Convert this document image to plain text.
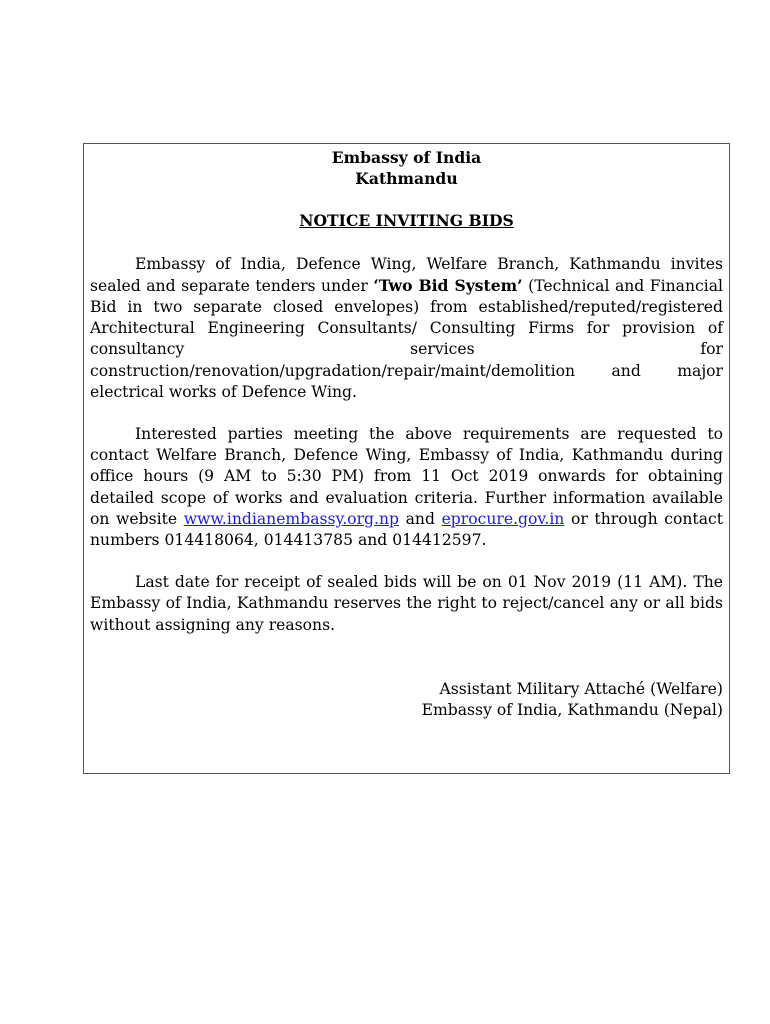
Embassy of India
Kathmandu
NOTICE INVITING BIDS

Embassy of India, Defence Wing, Welfare Branch, Kathmandu invites sealed and separate tenders under ‘Two Bid System’ (Technical and Financial Bid in two separate closed envelopes) from established/reputed/registered Architectural Engineering Consultants/ Consulting Firms for provision of consultancy services for construction/renovation/upgradation/repair/maint/demolition and major electrical works of Defence Wing.

Interested parties meeting the above requirements are requested to contact Welfare Branch, Defence Wing, Embassy of India, Kathmandu during office hours (9 AM to 5:30 PM) from 11 Oct 2019 onwards for obtaining detailed scope of works and evaluation criteria. Further information available on website www.indianembassy.org.np and eprocure.gov.in or through contact numbers 014418064, 014413785 and 014412597.

Last date for receipt of sealed bids will be on 01 Nov 2019 (11 AM). The Embassy of India, Kathmandu reserves the right to reject/cancel any or all bids without assigning any reasons.

Assistant Military Attaché (Welfare)
Embassy of India, Kathmandu (Nepal)
